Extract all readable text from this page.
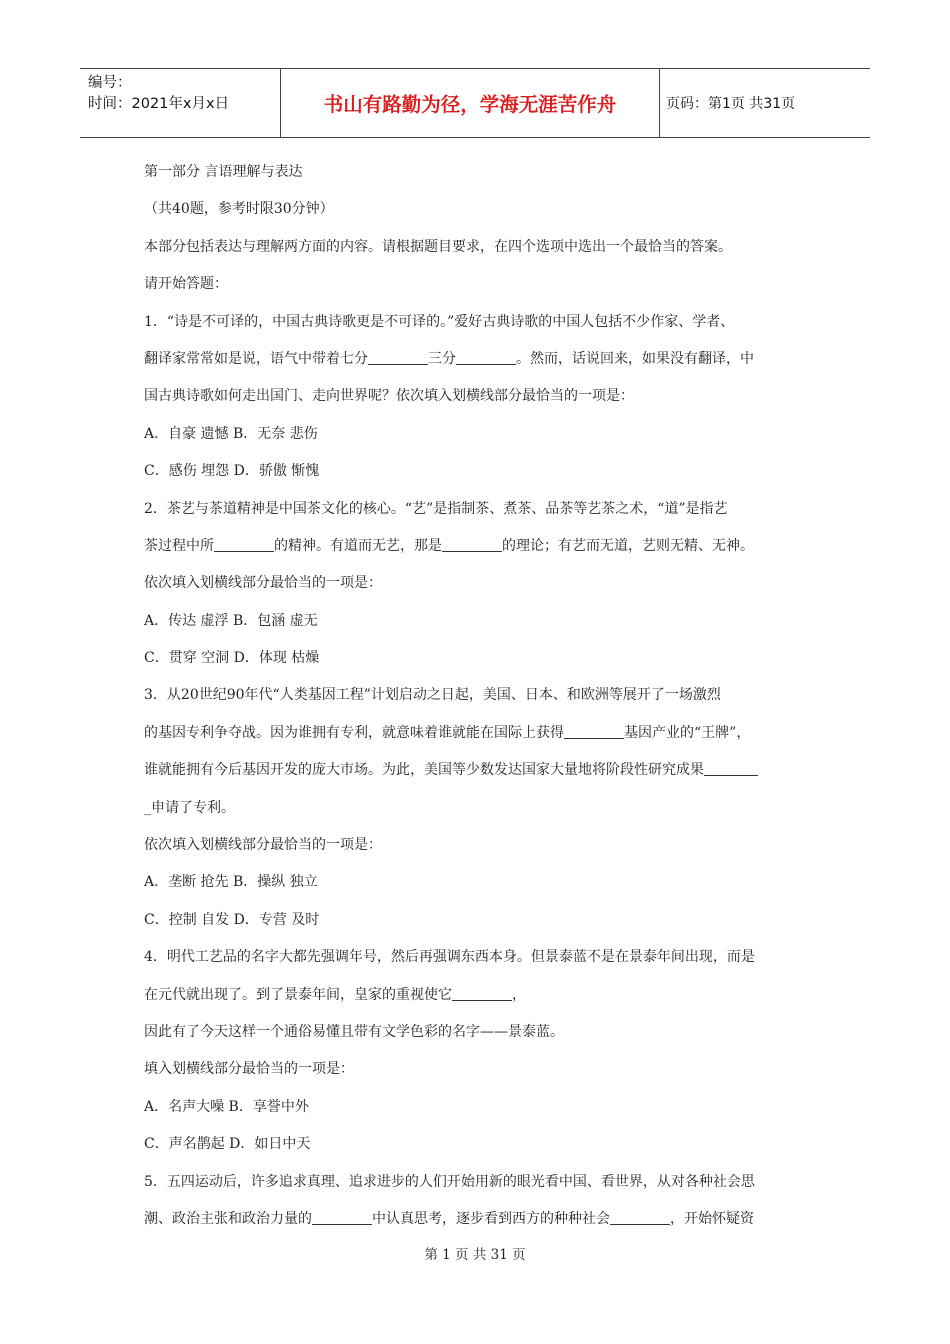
编号：
时间：2021年x月x日	书山有路勤为径，学海无涯苦作舟	页码：第1页 共31页
第一部分 言语理解与表达
（共40题，参考时限30分钟）
本部分包括表达与理解两方面的内容。请根据题目要求，在四个选项中选出一个最恰当的答案。
请开始答题：
1．“诗是不可译的，中国古典诗歌更是不可译的。”爱好古典诗歌的中国人包括不少作家、学者、
翻译家常常如是说，语气中带着七分	三分	。然而，话说回来，如果没有翻译，中
国古典诗歌如何走出国门、走向世界呢？依次填入划横线部分最恰当的一项是：
A．自豪 遗憾 B．无奈 悲伤
C．感伤 埋怨 D．骄傲 惭愧
2．茶艺与茶道精神是中国茶文化的核心。“艺”是指制茶、煮茶、品茶等艺茶之术，“道”是指艺
茶过程中所	的精神。有道而无艺，那是	的理论；有艺而无道，艺则无精、无神。
依次填入划横线部分最恰当的一项是：
A．传达 虚浮 B．包涵 虚无
C．贯穿 空洞 D．体现 枯燥
3．从20世纪90年代“人类基因工程”计划启动之日起，美国、日本、和欧洲等展开了一场激烈
的基因专利争夺战。因为谁拥有专利，就意味着谁就能在国际上获得	基因产业的“王牌”，
谁就能拥有今后基因开发的庞大市场。为此，美国等少数发达国家大量地将阶段性研究成果
_申请了专利。
依次填入划横线部分最恰当的一项是：
A．垄断 抢先 B．操纵 独立
C．控制 自发 D．专营 及时
4．明代工艺品的名字大都先强调年号，然后再强调东西本身。但景泰蓝不是在景泰年间出现，而是
在元代就出现了。到了景泰年间，皇家的重视使它	，
因此有了今天这样一个通俗易懂且带有文学色彩的名字——景泰蓝。
填入划横线部分最恰当的一项是：
A．名声大噪 B．享誉中外
C．声名鹊起 D．如日中天
5．五四运动后，许多追求真理、追求进步的人们开始用新的眼光看中国、看世界，从对各种社会思
潮、政治主张和政治力量的	中认真思考，逐步看到西方的种种社会	，开始怀疑资
第 1 页 共 31 页
